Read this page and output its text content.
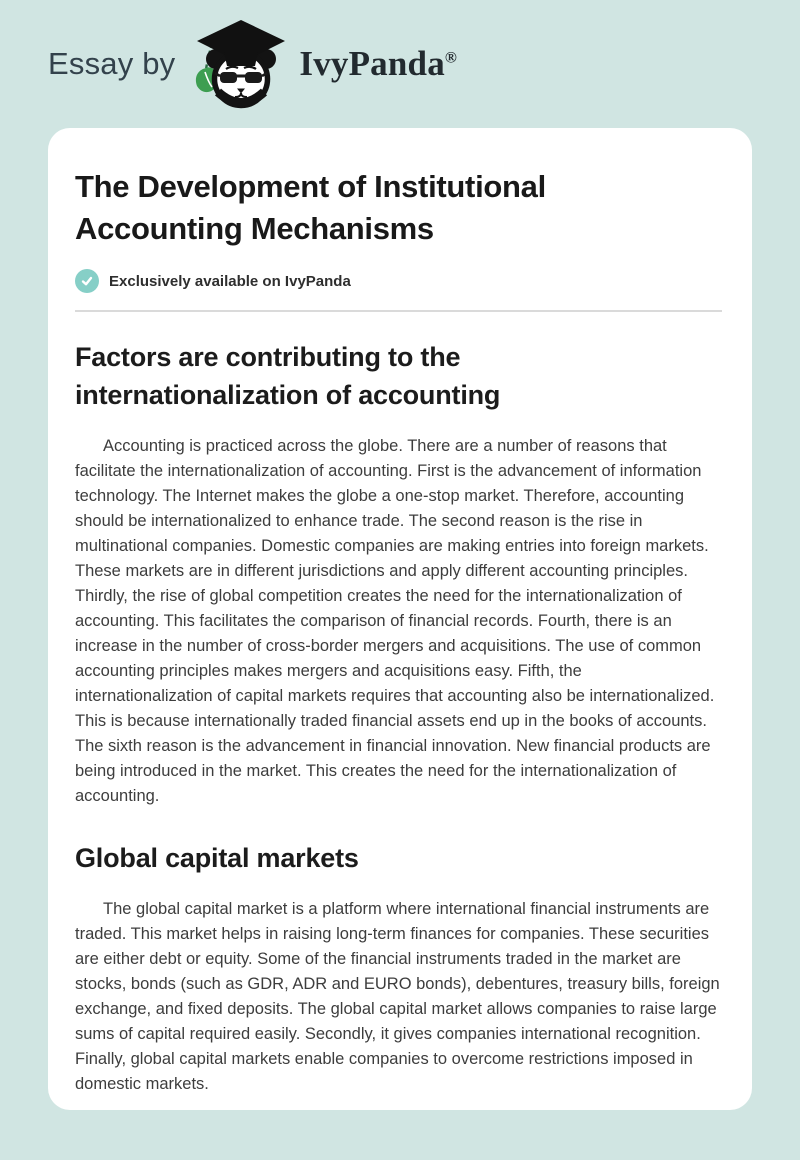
Essay by	IvyPanda®
The Development of Institutional Accounting Mechanisms
Exclusively available on IvyPanda
Factors are contributing to the internationalization of accounting

Accounting is practiced across the globe. There are a number of reasons that facilitate the internationalization of accounting. First is the advancement of information technology. The Internet makes the globe a one-stop market. Therefore, accounting should be internationalized to enhance trade. The second reason is the rise in multinational companies. Domestic companies are making entries into foreign markets. These markets are in different jurisdictions and apply different accounting principles. Thirdly, the rise of global competition creates the need for the internationalization of accounting. This facilitates the comparison of financial records. Fourth, there is an increase in the number of cross-border mergers and acquisitions. The use of common accounting principles makes mergers and acquisitions easy. Fifth, the internationalization of capital markets requires that accounting also be internationalized. This is because internationally traded financial assets end up in the books of accounts. The sixth reason is the advancement in financial innovation. New financial products are being introduced in the market. This creates the need for the internationalization of accounting.

Global capital markets

The global capital market is a platform where international financial instruments are traded. This market helps in raising long-term finances for companies. These securities are either debt or equity. Some of the financial instruments traded in the market are stocks, bonds (such as GDR, ADR and EURO bonds), debentures, treasury bills, foreign exchange, and fixed deposits. The global capital market allows companies to raise large sums of capital required easily. Secondly, it gives companies international recognition. Finally, global capital markets enable companies to overcome restrictions imposed in domestic markets.
